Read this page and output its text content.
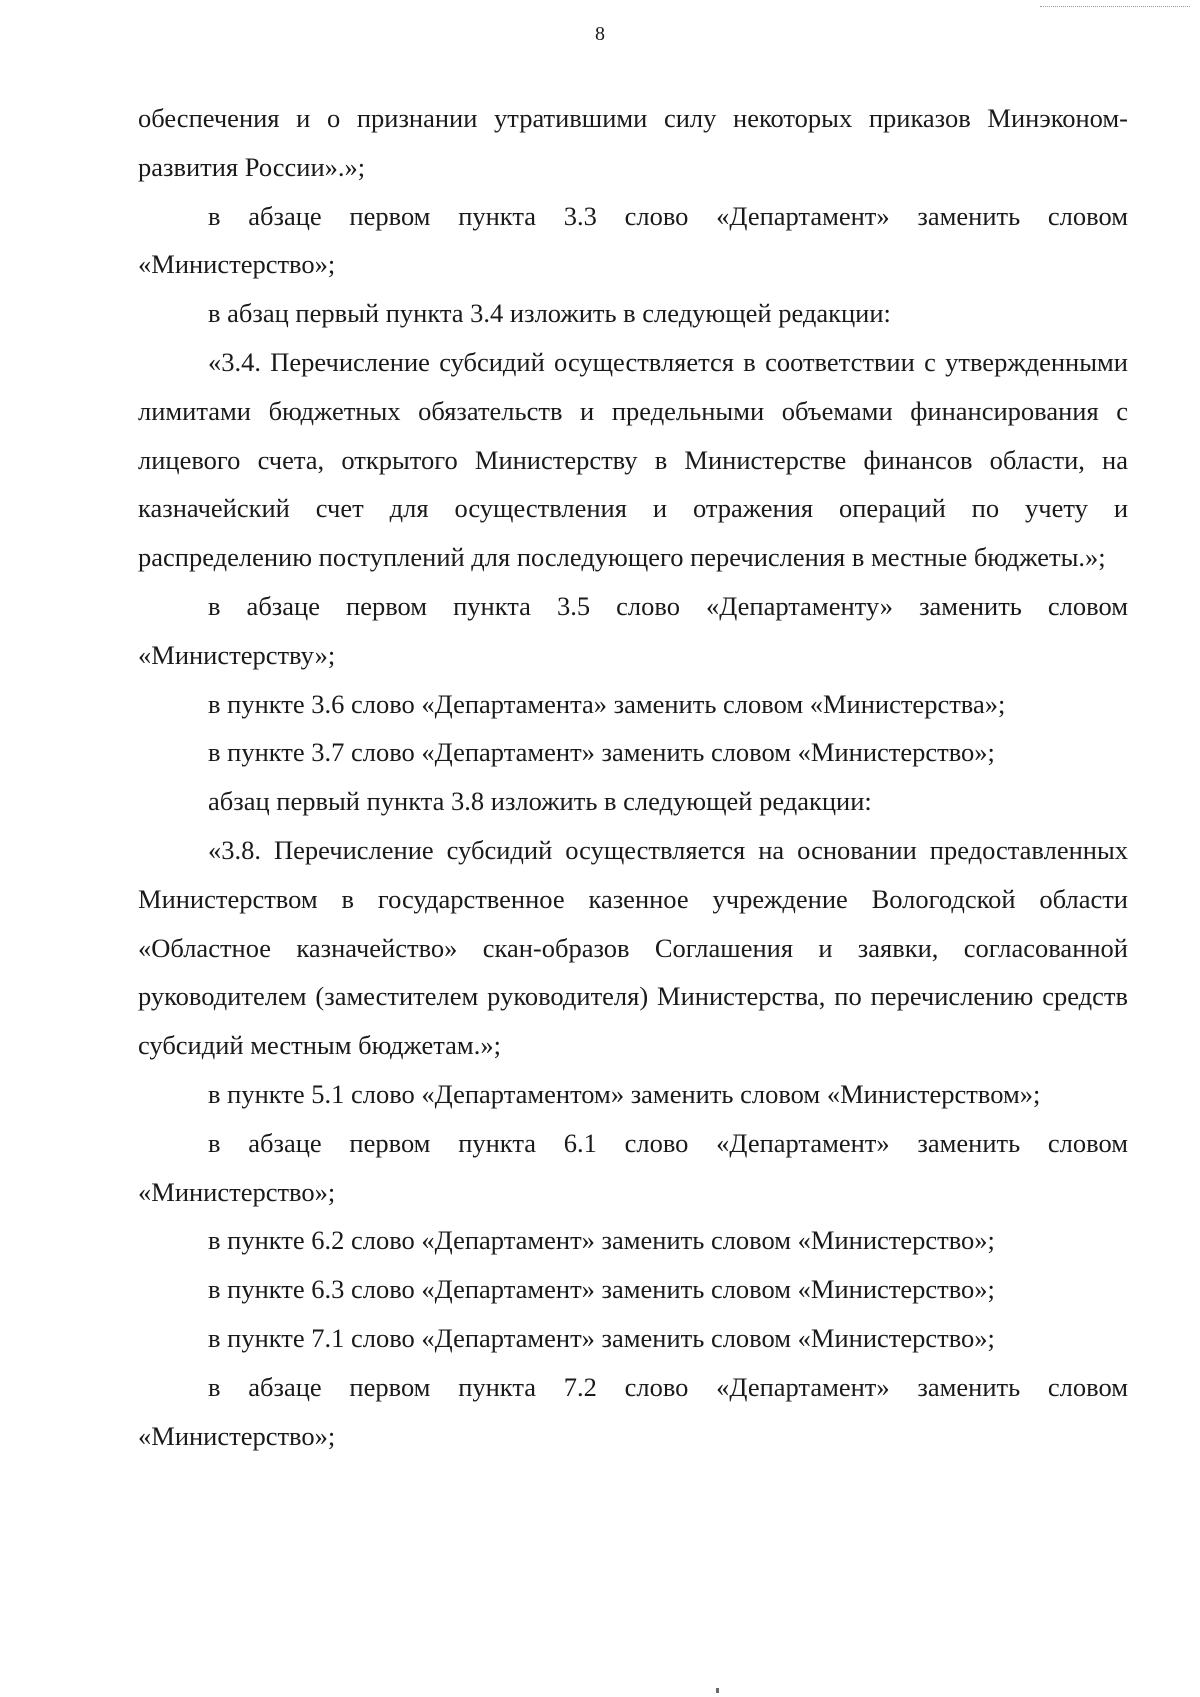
8

обеспечения и о признании утратившими силу некоторых приказов Минэконом-развития России».»;

в абзаце первом пункта 3.3 слово «Департамент» заменить словом «Министерство»;

в абзац первый пункта 3.4 изложить в следующей редакции:

«3.4. Перечисление субсидий осуществляется в соответствии с утвержденными лимитами бюджетных обязательств и предельными объемами финансирования с лицевого счета, открытого Министерству в Министерстве финансов области, на казначейский счет для осуществления и отражения операций по учету и распределению поступлений для последующего перечисления в местные бюджеты.»;

в абзаце первом пункта 3.5 слово «Департаменту» заменить словом «Министерству»;

в пункте 3.6 слово «Департамента» заменить словом «Министерства»;

в пункте 3.7 слово «Департамент» заменить словом «Министерство»;

абзац первый пункта 3.8 изложить в следующей редакции:

«3.8. Перечисление субсидий осуществляется на основании предоставленных Министерством в государственное казенное учреждение Вологодской области «Областное казначейство» скан-образов Соглашения и заявки, согласованной руководителем (заместителем руководителя) Министерства, по перечислению средств субсидий местным бюджетам.»;

в пункте 5.1 слово «Департаментом» заменить словом «Министерством»;

в абзаце первом пункта 6.1 слово «Департамент» заменить словом «Министерство»;

в пункте 6.2 слово «Департамент» заменить словом «Министерство»;

в пункте 6.3 слово «Департамент» заменить словом «Министерство»;

в пункте 7.1 слово «Департамент» заменить словом «Министерство»;

в абзаце первом пункта 7.2 слово «Департамент» заменить словом «Министерство»;
